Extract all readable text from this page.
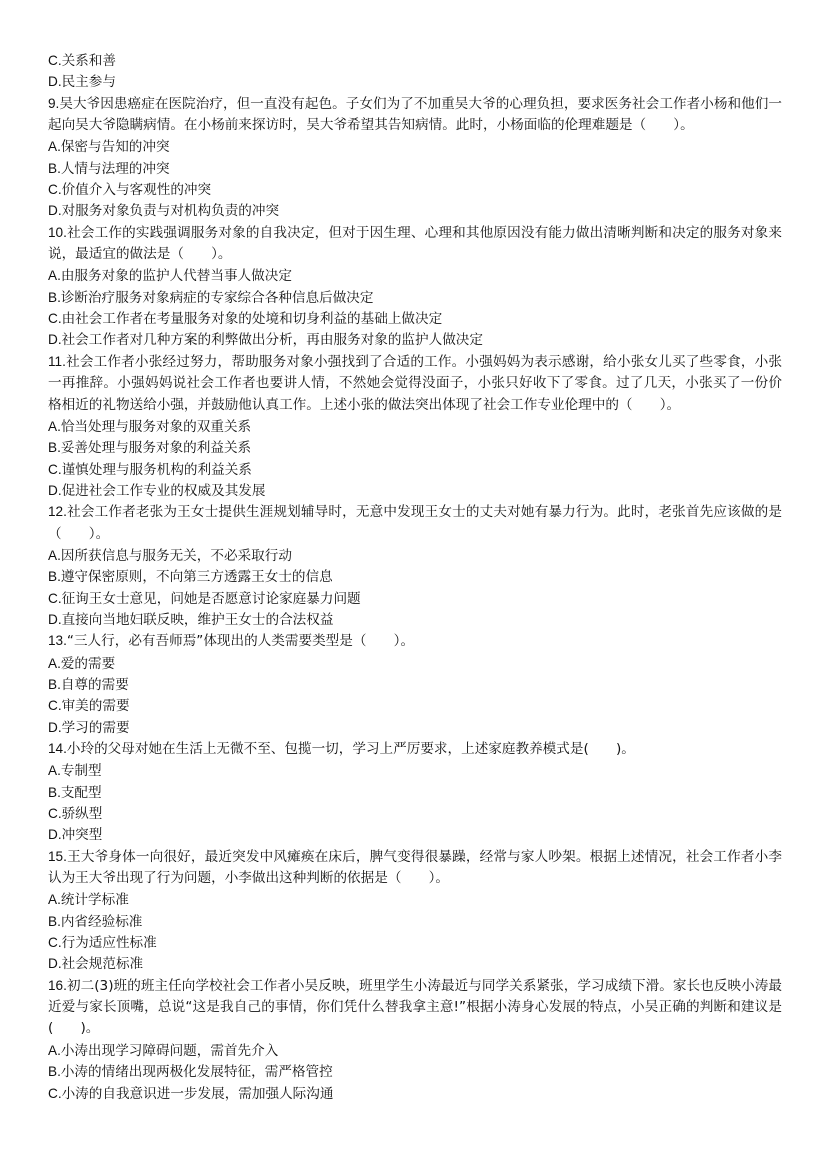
C.关系和善
D.民主参与
9.吴大爷因患癌症在医院治疗，但一直没有起色。子女们为了不加重吴大爷的心理负担，要求医务社会工作者小杨和他们一起向吴大爷隐瞒病情。在小杨前来探访时，吴大爷希望其告知病情。此时，小杨面临的伦理难题是（　　）。
A.保密与告知的冲突
B.人情与法理的冲突
C.价值介入与客观性的冲突
D.对服务对象负责与对机构负责的冲突
10.社会工作的实践强调服务对象的自我决定，但对于因生理、心理和其他原因没有能力做出清晰判断和决定的服务对象来说，最适宜的做法是（　　）。
A.由服务对象的监护人代替当事人做决定
B.诊断治疗服务对象病症的专家综合各种信息后做决定
C.由社会工作者在考量服务对象的处境和切身利益的基础上做决定
D.社会工作者对几种方案的利弊做出分析，再由服务对象的监护人做决定
11.社会工作者小张经过努力，帮助服务对象小强找到了合适的工作。小强妈妈为表示感谢，给小张女儿买了些零食，小张一再推辞。小强妈妈说社会工作者也要讲人情，不然她会觉得没面子，小张只好收下了零食。过了几天，小张买了一份价格相近的礼物送给小强，并鼓励他认真工作。上述小张的做法突出体现了社会工作专业伦理中的（　　）。
A.恰当处理与服务对象的双重关系
B.妥善处理与服务对象的利益关系
C.谨慎处理与服务机构的利益关系
D.促进社会工作专业的权威及其发展
12.社会工作者老张为王女士提供生涯规划辅导时，无意中发现王女士的丈夫对她有暴力行为。此时，老张首先应该做的是（　　）。
A.因所获信息与服务无关，不必采取行动
B.遵守保密原则，不向第三方透露王女士的信息
C.征询王女士意见，问她是否愿意讨论家庭暴力问题
D.直接向当地妇联反映，维护王女士的合法权益
13.“三人行，必有吾师焉”体现出的人类需要类型是（　　）。
A.爱的需要
B.自尊的需要
C.审美的需要
D.学习的需要
14.小玲的父母对她在生活上无微不至、包揽一切，学习上严厉要求，上述家庭教养模式是(　　)。
A.专制型
B.支配型
C.骄纵型
D.冲突型
15.王大爷身体一向很好，最近突发中风瘫痪在床后，脾气变得很暴躁，经常与家人吵架。根据上述情况，社会工作者小李认为王大爷出现了行为问题，小李做出这种判断的依据是（　　）。
A.统计学标准
B.内省经验标准
C.行为适应性标准
D.社会规范标准
16.初二(3)班的班主任向学校社会工作者小吴反映，班里学生小涛最近与同学关系紧张，学习成绩下滑。家长也反映小涛最近爱与家长顶嘴，总说“这是我自己的事情，你们凭什么替我拿主意!”根据小涛身心发展的特点，小吴正确的判断和建议是(　　)。
A.小涛出现学习障碍问题，需首先介入
B.小涛的情绪出现两极化发展特征，需严格管控
C.小涛的自我意识进一步发展，需加强人际沟通
